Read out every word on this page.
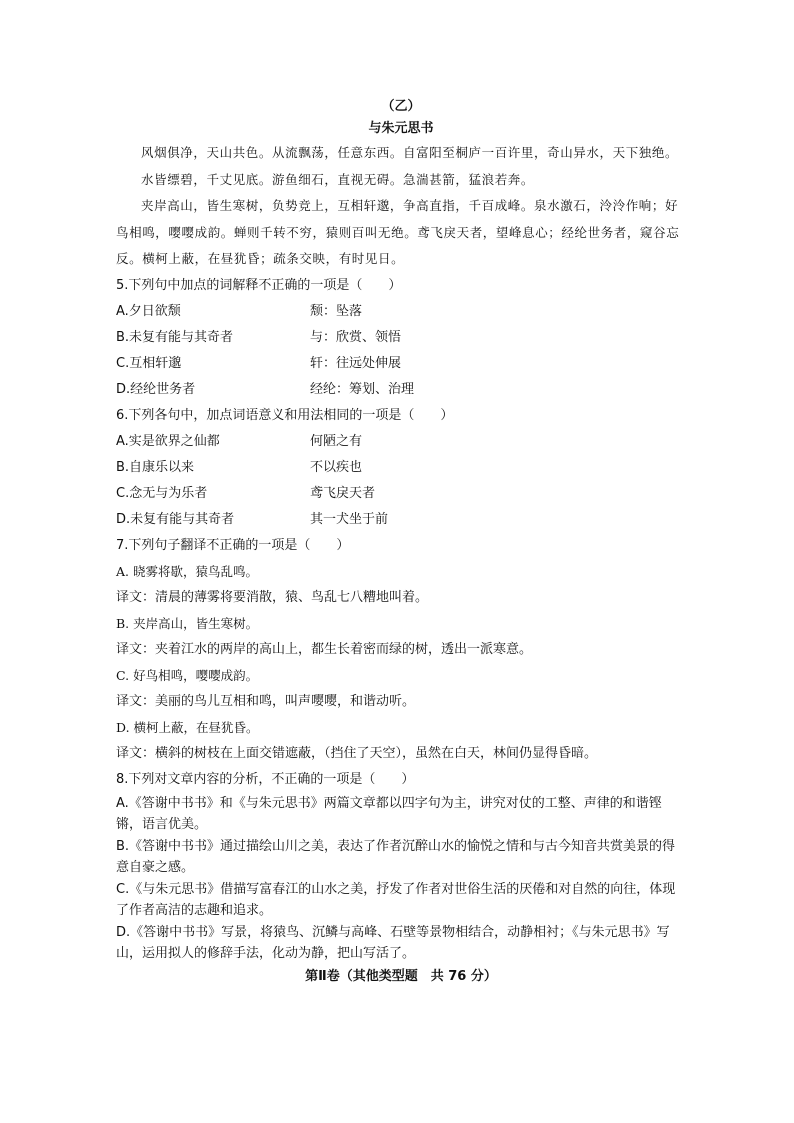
（乙）
与朱元思书

风烟俱净，天山共色。从流飘荡，任意东西。自富阳至桐庐一百许里，奇山异水，天下独绝。

水皆缥碧，千丈见底。游鱼细石，直视无碍。急湍甚箭，猛浪若奔。

夹岸高山，皆生寒树，负势竞上，互相轩邈，争高直指，千百成峰。泉水激石，泠泠作响；好鸟相鸣，嘤嘤成韵。蝉则千转不穷，猿则百叫无绝。鸢飞戾天者，望峰息心；经纶世务者，窥谷忘反。横柯上蔽，在昼犹昏；疏条交映，有时见日。

5.下列句中加点的词解释不正确的一项是（　　）
A.夕日欲颓	颓：坠落
B.未复有能与其奇者	与：欣赏、领悟
C.互相轩邈	轩：往远处伸展
D.经纶世务者	经纶：筹划、治理
6.下列各句中，加点词语意义和用法相同的一项是（　　）
A.实是欲界之仙都	何陋之有
B.自康乐以来	不以疾也
C.念无与为乐者	鸢飞戾天者
D.未复有能与其奇者	其一犬坐于前
7.下列句子翻译不正确的一项是（　　）
A. 晓雾将歇，猿鸟乱鸣。
译文：清晨的薄雾将要消散，猿、鸟乱七八糟地叫着。
B. 夹岸高山，皆生寒树。
译文：夹着江水的两岸的高山上，都生长着密而绿的树，透出一派寒意。
C. 好鸟相鸣，嘤嘤成韵。
译文：美丽的鸟儿互相和鸣，叫声嘤嘤，和谐动听。
D. 横柯上蔽，在昼犹昏。
译文：横斜的树枝在上面交错遮蔽，（挡住了天空），虽然在白天，林间仍显得昏暗。
8.下列对文章内容的分析，不正确的一项是（　　）
A.《答谢中书书》和《与朱元思书》两篇文章都以四字句为主，讲究对仗的工整、声律的和谐铿锵，语言优美。
B.《答谢中书书》通过描绘山川之美，表达了作者沉醉山水的愉悦之情和与古今知音共赏美景的得意自豪之感。
C.《与朱元思书》借描写富春江的山水之美，抒发了作者对世俗生活的厌倦和对自然的向往，体现了作者高洁的志趣和追求。
D.《答谢中书书》写景，将猿鸟、沉鳞与高峰、石壁等景物相结合，动静相衬；《与朱元思书》写山，运用拟人的修辞手法，化动为静，把山写活了。
第Ⅱ卷（其他类型题　共 76 分）
